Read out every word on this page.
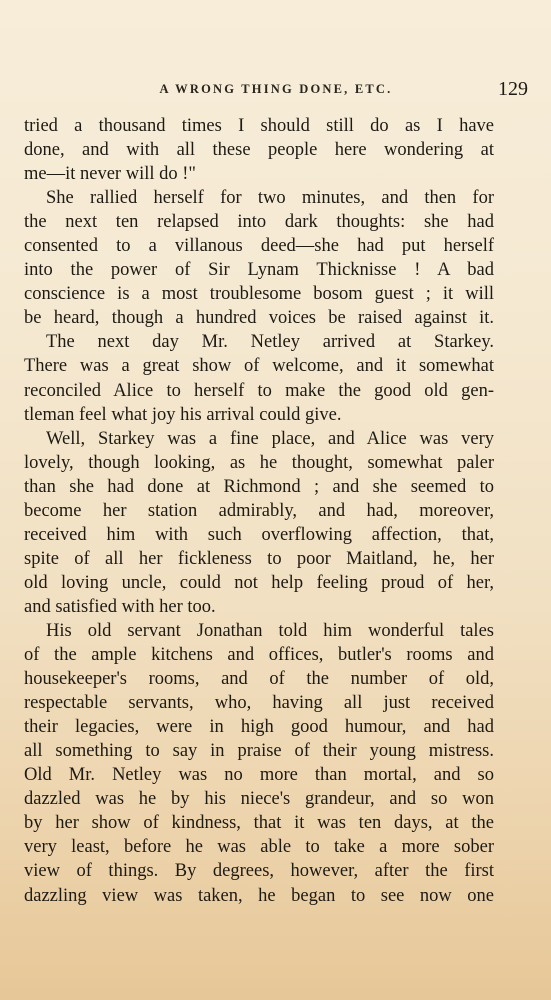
A WRONG THING DONE, ETC.	129
tried a thousand times I should still do as I have
done, and with all these people here wondering at
me—it never will do !"
She rallied herself for two minutes, and then for
the next ten relapsed into dark thoughts: she had
consented to a villanous deed—she had put herself
into the power of Sir Lynam Thicknisse ! A bad
conscience is a most troublesome bosom guest ; it will
be heard, though a hundred voices be raised against it.
The next day Mr. Netley arrived at Starkey.
There was a great show of welcome, and it somewhat
reconciled Alice to herself to make the good old gen-
tleman feel what joy his arrival could give.
Well, Starkey was a fine place, and Alice was very
lovely, though looking, as he thought, somewhat paler
than she had done at Richmond ; and she seemed to
become her station admirably, and had, moreover,
received him with such overflowing affection, that,
spite of all her fickleness to poor Maitland, he, her
old loving uncle, could not help feeling proud of her,
and satisfied with her too.
His old servant Jonathan told him wonderful tales
of the ample kitchens and offices, butler's rooms and
housekeeper's rooms, and of the number of old,
respectable servants, who, having all just received
their legacies, were in high good humour, and had
all something to say in praise of their young mistress.
Old Mr. Netley was no more than mortal, and so
dazzled was he by his niece's grandeur, and so won
by her show of kindness, that it was ten days, at the
very least, before he was able to take a more sober
view of things. By degrees, however, after the first
dazzling view was taken, he began to see now one
